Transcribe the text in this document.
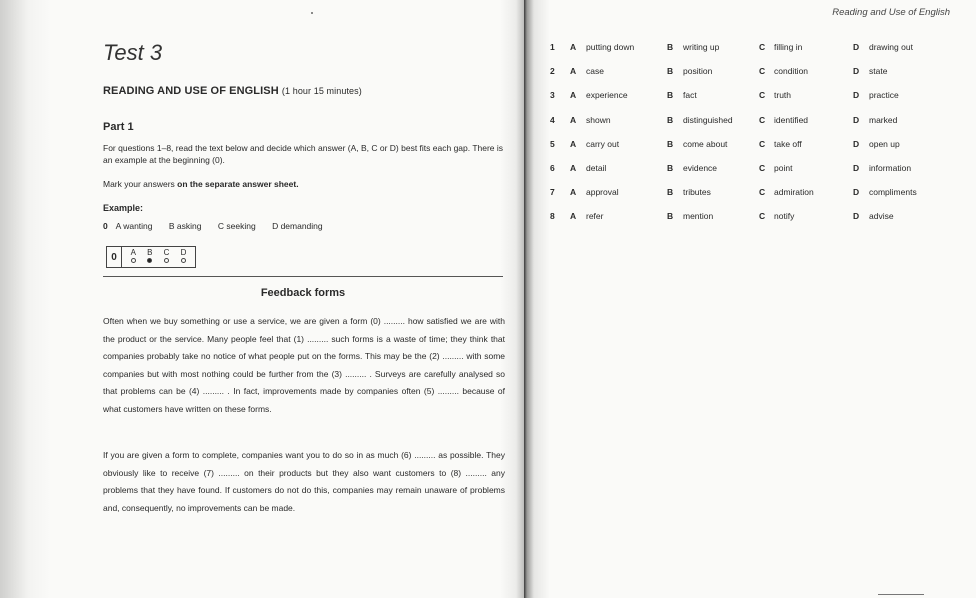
Test 3

READING AND USE OF ENGLISH (1 hour 15 minutes)

Part 1

For questions 1–8, read the text below and decide which answer (A, B, C or D) best fits each gap. There is an example at the beginning (0).

Mark your answers on the separate answer sheet.

Example:

0 A wanting B asking C seeking D demanding
0	A B C D
Feedback forms

Often when we buy something or use a service, we are given a form (0) ......... how satisfied we are with the product or the service. Many people feel that (1) ......... such forms is a waste of time; they think that companies probably take no notice of what people put on the forms. This may be the (2) ......... with some companies but with most nothing could be further from the (3) ......... . Surveys are carefully analysed so that problems can be (4) ......... . In fact, improvements made by companies often (5) ......... because of what customers have written on these forms.

If you are given a form to complete, companies want you to do so in as much (6) ......... as possible. They obviously like to receive (7) ......... on their products but they also want customers to (8) ......... any problems that they have found. If customers do not do this, companies may remain unaware of problems and, consequently, no improvements can be made.

Reading and Use of English

1 A putting down	B writing up	C filling in	D drawing out
2 A case	B position	C condition	D state
3 A experience	B fact	C truth	D practice
4 A shown	B distinguished	C identified	D marked
5 A carry out	B come about	C take off	D open up
6 A detail	B evidence	C point	D information
7 A approval	B tributes	C admiration	D compliments
8 A refer	B mention	C notify	D advise
